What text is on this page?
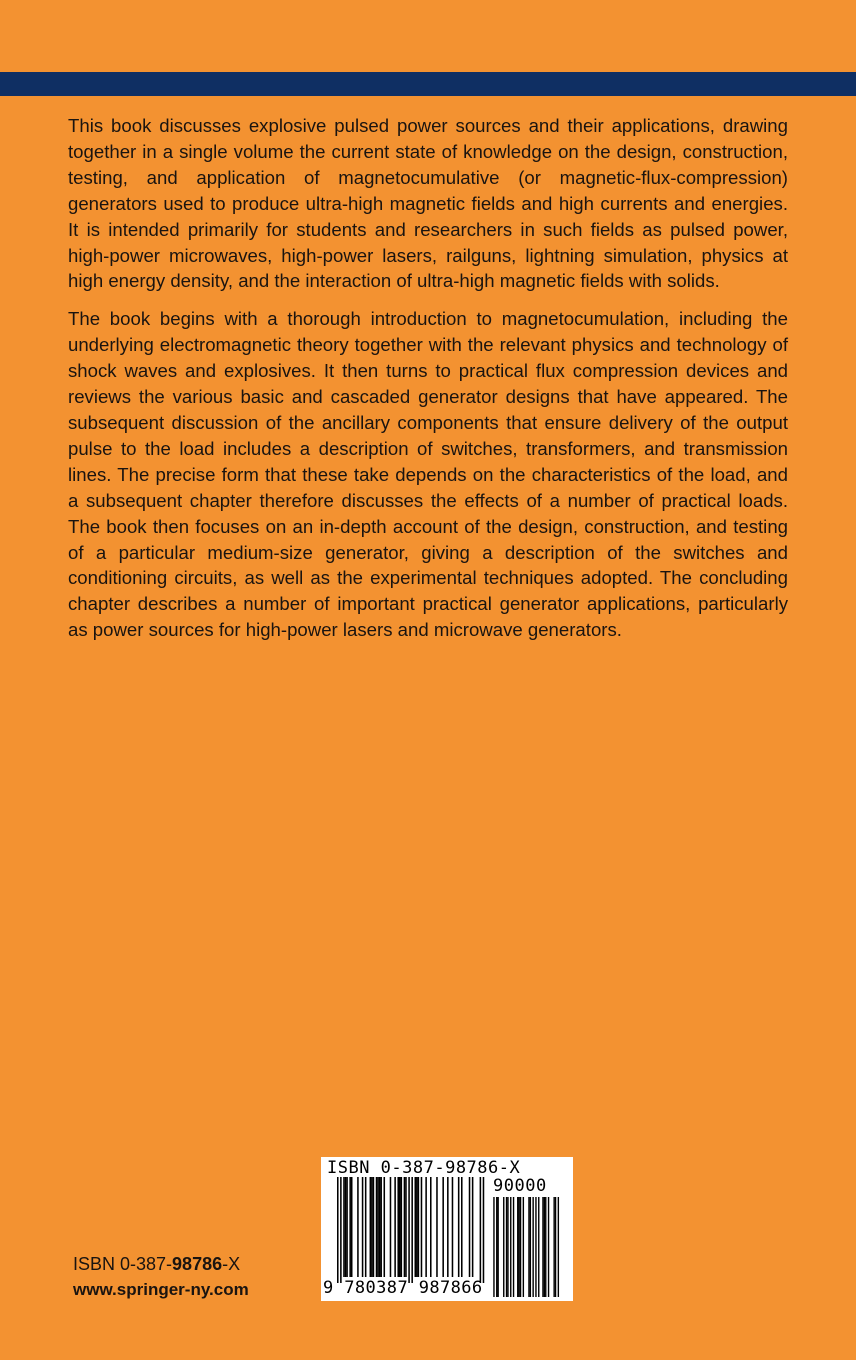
This book discusses explosive pulsed power sources and their applications, drawing together in a single volume the current state of knowledge on the design, construction, testing, and application of magnetocumulative (or magnetic-flux-​compression) generators used to produce ultra-high magnetic fields and high currents and energies. It is intended primarily for students and researchers in such fields as pulsed power, high-power microwaves, high-power lasers, railguns, lightning simulation, physics at high energy density, and the interaction of ultra-high magnetic fields with solids.

The book begins with a thorough introduction to magnetocumulation, including the underlying electromagnetic theory together with the relevant physics and technology of shock waves and explosives. It then turns to practical flux compression devices and reviews the various basic and cascaded generator designs that have appeared. The subsequent discussion of the ancillary components that ensure delivery of the output pulse to the load includes a description of switches, transformers, and transmission lines. The precise form that these take depends on the characteristics of the load, and a subsequent chapter therefore discusses the effects of a number of practical loads. The book then focuses on an in-depth account of the design, construction, and testing of a particular medium-size generator, giving a description of the switches and conditioning circuits, as well as the experimental techniques adopted. The concluding chapter describes a number of important practical generator applications, particularly as power sources for high-power lasers and microwave generators.

ISBN 0-387-98786-X
www.springer-ny.com
ISBN 0-387-98786-X
90000
9 780387 987866
